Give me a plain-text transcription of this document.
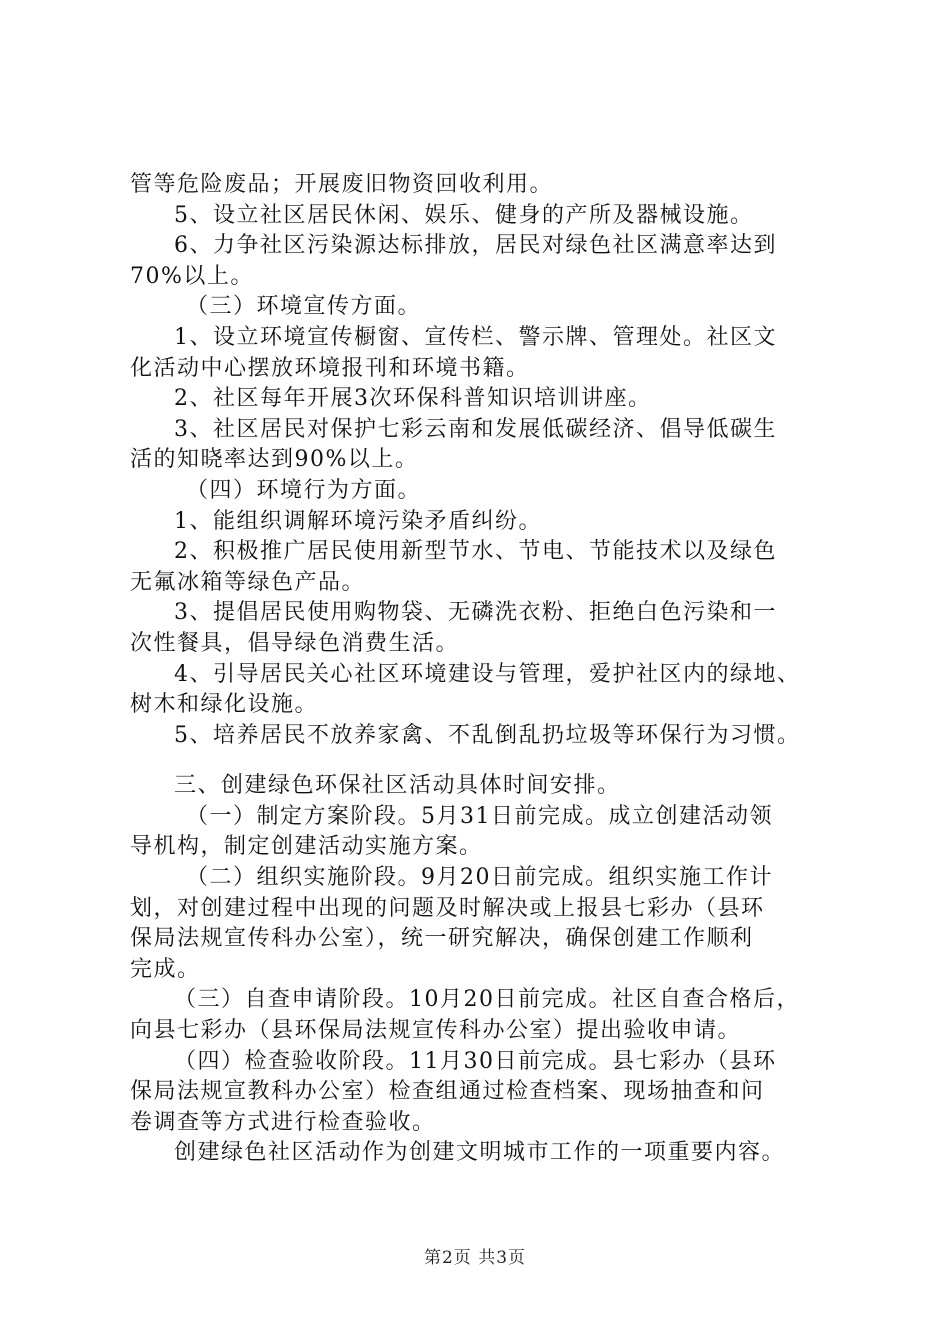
管等危险废品；开展废旧物资回收利用。
5、设立社区居民休闲、娱乐、健身的产所及器械设施。
6、力争社区污染源达标排放，居民对绿色社区满意率达到
70%以上。
（三）环境宣传方面。
1、设立环境宣传橱窗、宣传栏、警示牌、管理处。社区文
化活动中心摆放环境报刊和环境书籍。
2、社区每年开展3次环保科普知识培训讲座。
3、社区居民对保护七彩云南和发展低碳经济、倡导低碳生
活的知晓率达到90%以上。
（四）环境行为方面。
1、能组织调解环境污染矛盾纠纷。
2、积极推广居民使用新型节水、节电、节能技术以及绿色
无氟冰箱等绿色产品。
3、提倡居民使用购物袋、无磷洗衣粉、拒绝白色污染和一
次性餐具，倡导绿色消费生活。
4、引导居民关心社区环境建设与管理，爱护社区内的绿地、
树木和绿化设施。
5、培养居民不放养家禽、不乱倒乱扔垃圾等环保行为习惯。
三、创建绿色环保社区活动具体时间安排。
（一）制定方案阶段。5月31日前完成。成立创建活动领
导机构，制定创建活动实施方案。
（二）组织实施阶段。9月20日前完成。组织实施工作计
划，对创建过程中出现的问题及时解决或上报县七彩办（县环
保局法规宣传科办公室），统一研究解决，确保创建工作顺利
完成。
（三）自查申请阶段。10月20日前完成。社区自查合格后，
向县七彩办（县环保局法规宣传科办公室）提出验收申请。
（四）检查验收阶段。11月30日前完成。县七彩办（县环
保局法规宣教科办公室）检查组通过检查档案、现场抽查和问
卷调查等方式进行检查验收。
创建绿色社区活动作为创建文明城市工作的一项重要内容。
第2页 共3页
